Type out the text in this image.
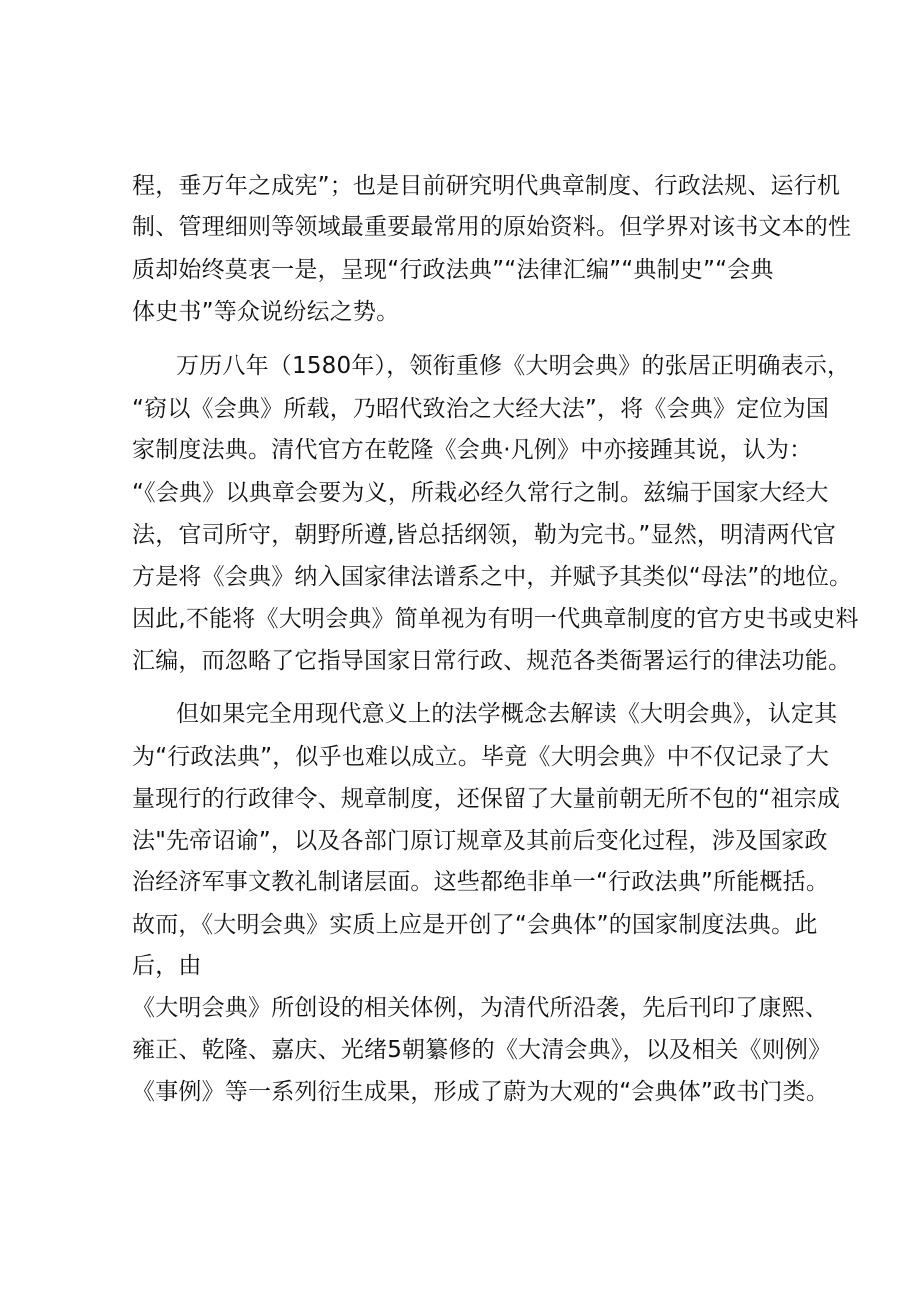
程，垂万年之成宪”；也是目前研究明代典章制度、行政法规、运行机
制、管理细则等领域最重要最常用的原始资料。但学界对该书文本的性
质却始终莫衷一是，呈现“行政法典”“法律汇编”“典制史”“会典
体史书”等众说纷纭之势。
万历八年（1580年），领衔重修《大明会典》的张居正明确表示，
“窃以《会典》所载，乃昭代致治之大经大法”，将《会典》定位为国
家制度法典。清代官方在乾隆《会典·凡例》中亦接踵其说，认为：
“《会典》以典章会要为义，所栽必经久常行之制。兹编于国家大经大
法，官司所守，朝野所遵,皆总括纲领，勒为完书。”显然，明清两代官
方是将《会典》纳入国家律法谱系之中，并赋予其类似“母法”的地位。
因此,不能将《大明会典》简单视为有明一代典章制度的官方史书或史料
汇编，而忽略了它指导国家日常行政、规范各类衙署运行的律法功能。
但如果完全用现代意义上的法学概念去解读《大明会典》，认定其
为“行政法典”，似乎也难以成立。毕竟《大明会典》中不仅记录了大
量现行的行政律令、规章制度，还保留了大量前朝无所不包的“祖宗成
法"先帝诏谕”，以及各部门原订规章及其前后变化过程，涉及国家政
治经济军事文教礼制诸层面。这些都绝非单一“行政法典”所能概括。
故而，《大明会典》实质上应是开创了“会典体”的国家制度法典。此
后，由
《大明会典》所创设的相关体例，为清代所沿袭，先后刊印了康熙、
雍正、乾隆、嘉庆、光绪5朝纂修的《大清会典》，以及相关《则例》
《事例》等一系列衍生成果，形成了蔚为大观的“会典体”政书门类。
